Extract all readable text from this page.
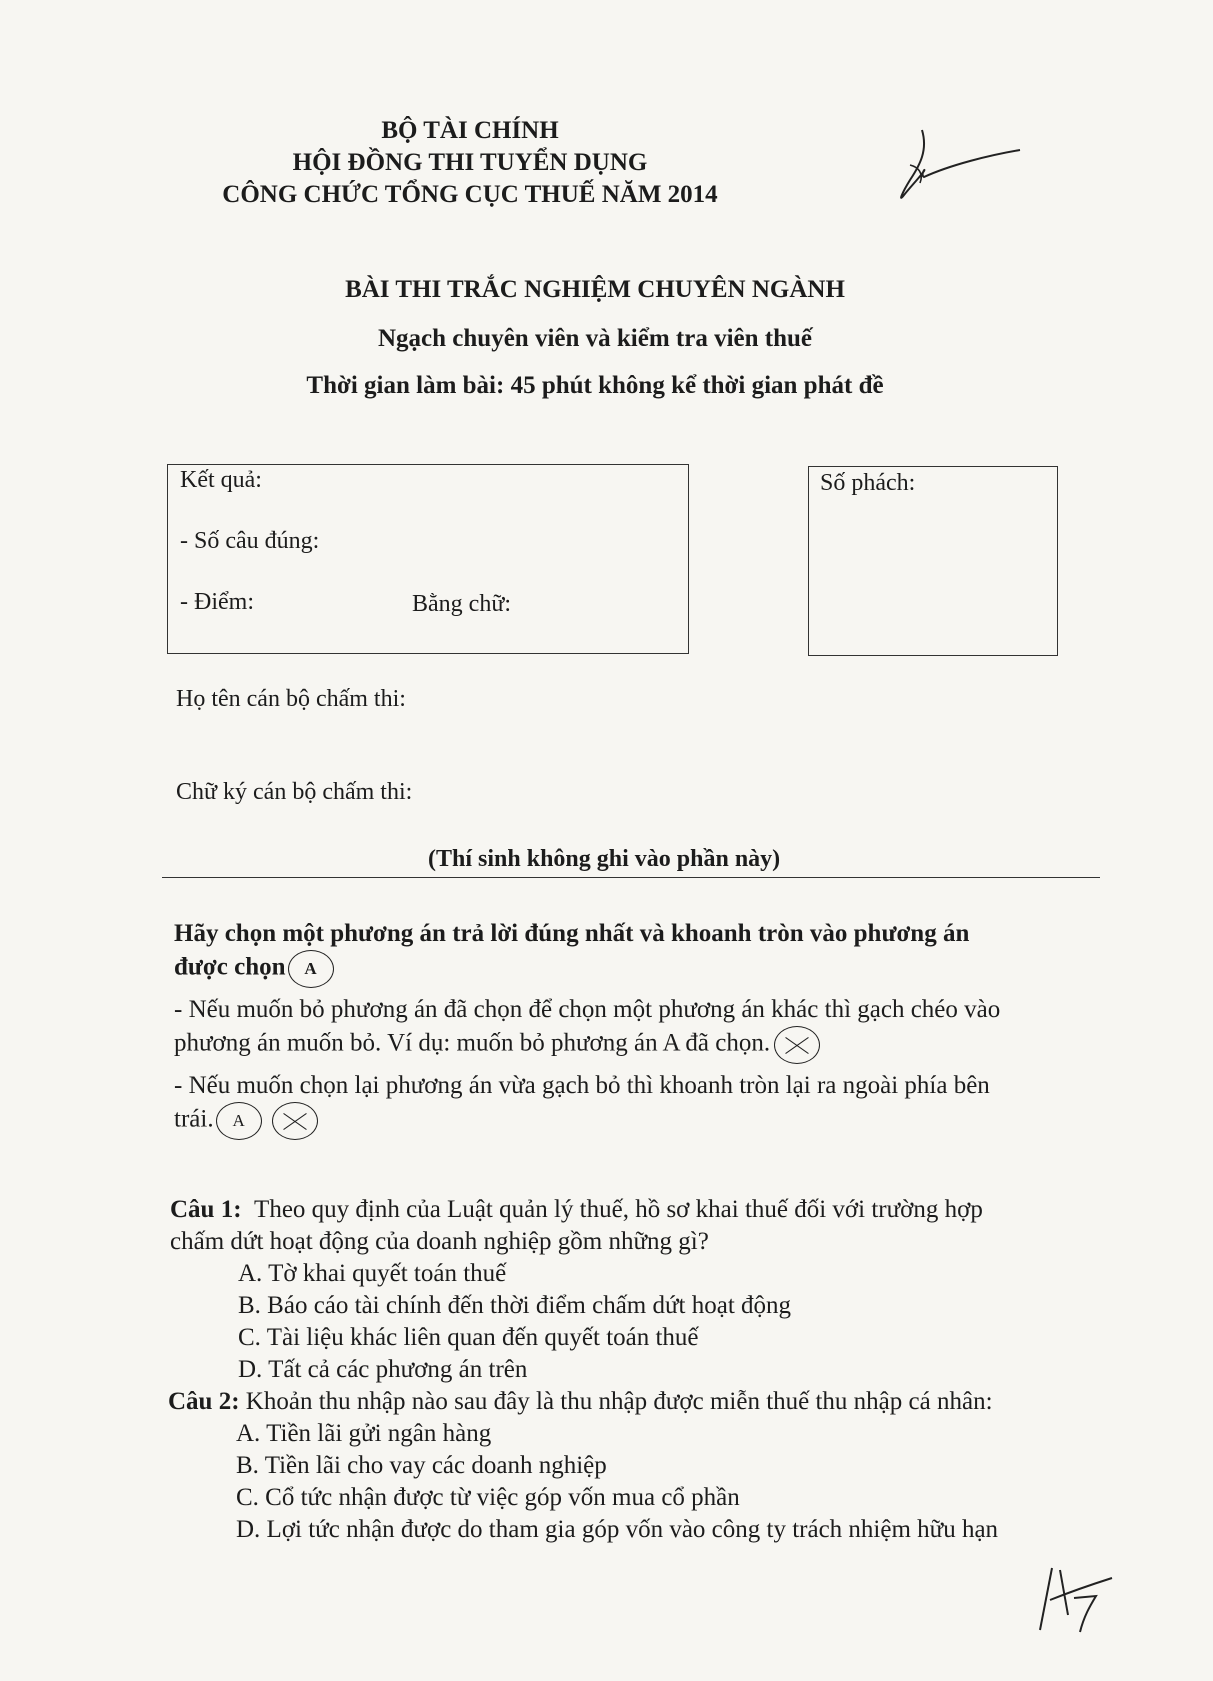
BỘ TÀI CHÍNH
HỘI ĐỒNG THI TUYỂN DỤNG
CÔNG CHỨC TỔNG CỤC THUẾ NĂM 2014
BÀI THI TRẮC NGHIỆM CHUYÊN NGÀNH
Ngạch chuyên viên và kiểm tra viên thuế
Thời gian làm bài: 45 phút không kể thời gian phát đề
Kết quả:
- Số câu đúng:
- Điểm:	Bằng chữ:
Số phách:
Họ tên cán bộ chấm thi:
Chữ ký cán bộ chấm thi:
(Thí sinh không ghi vào phần này)
Hãy chọn một phương án trả lời đúng nhất và khoanh tròn vào phương án
được chọn A
- Nếu muốn bỏ phương án đã chọn để chọn một phương án khác thì gạch chéo vào
phương án muốn bỏ. Ví dụ: muốn bỏ phương án A đã chọn.
- Nếu muốn chọn lại phương án vừa gạch bỏ thì khoanh tròn lại ra ngoài phía bên
trái. A
Câu 1: Theo quy định của Luật quản lý thuế, hồ sơ khai thuế đối với trường hợp
chấm dứt hoạt động của doanh nghiệp gồm những gì?
A. Tờ khai quyết toán thuế
B. Báo cáo tài chính đến thời điểm chấm dứt hoạt động
C. Tài liệu khác liên quan đến quyết toán thuế
D. Tất cả các phương án trên
Câu 2: Khoản thu nhập nào sau đây là thu nhập được miễn thuế thu nhập cá nhân:
A. Tiền lãi gửi ngân hàng
B. Tiền lãi cho vay các doanh nghiệp
C. Cổ tức nhận được từ việc góp vốn mua cổ phần
D. Lợi tức nhận được do tham gia góp vốn vào công ty trách nhiệm hữu hạn
